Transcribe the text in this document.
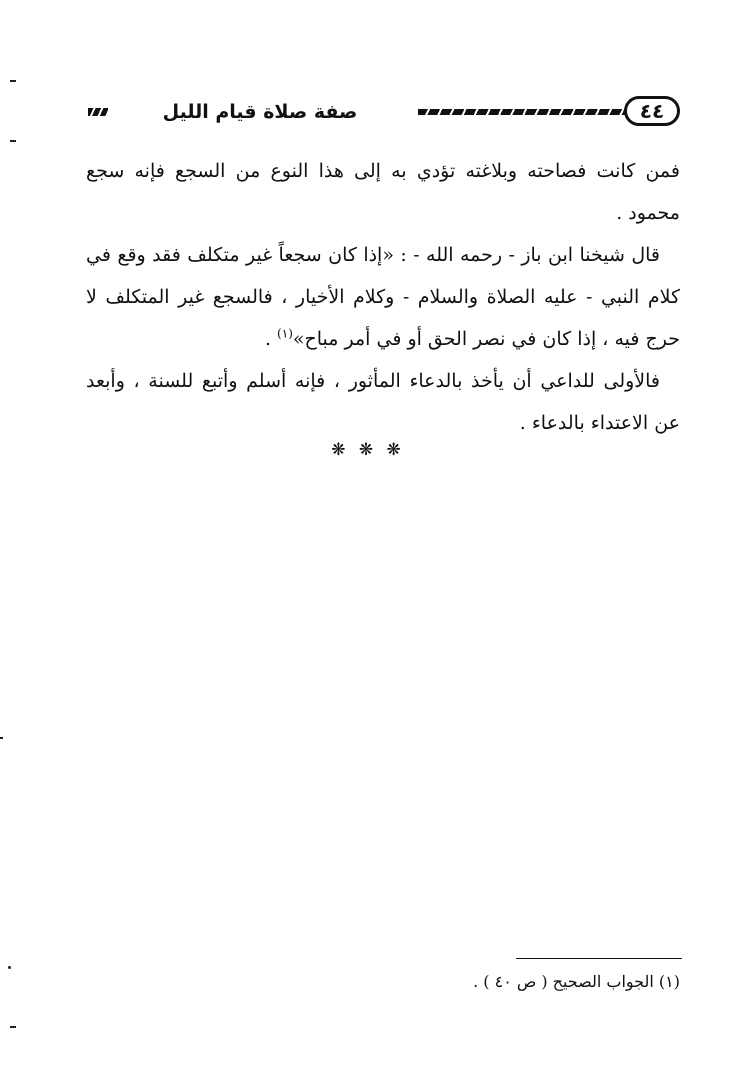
صفة صلاة قيام الليل	٤٤

فمن كانت فصاحته وبلاغته تؤدي به إلى هذا النوع من السجع فإنه سجع محمود .

قال شيخنا ابن باز - رحمه الله - : «إذا كان سجعاً غير متكلف فقد وقع في كلام النبي - عليه الصلاة والسلام - وكلام الأخيار ، فالسجع غير المتكلف لا حرج فيه ، إذا كان في نصر الحق أو في أمر مباح»$^{(١)}$ .

فالأولى للداعي أن يأخذ بالدعاء المأثور ، فإنه أسلم وأتبع للسنة ، وأبعد عن الاعتداء بالدعاء .

❋ ❋ ❋
(١) الجواب الصحيح ( ص ٤٠ ) .
